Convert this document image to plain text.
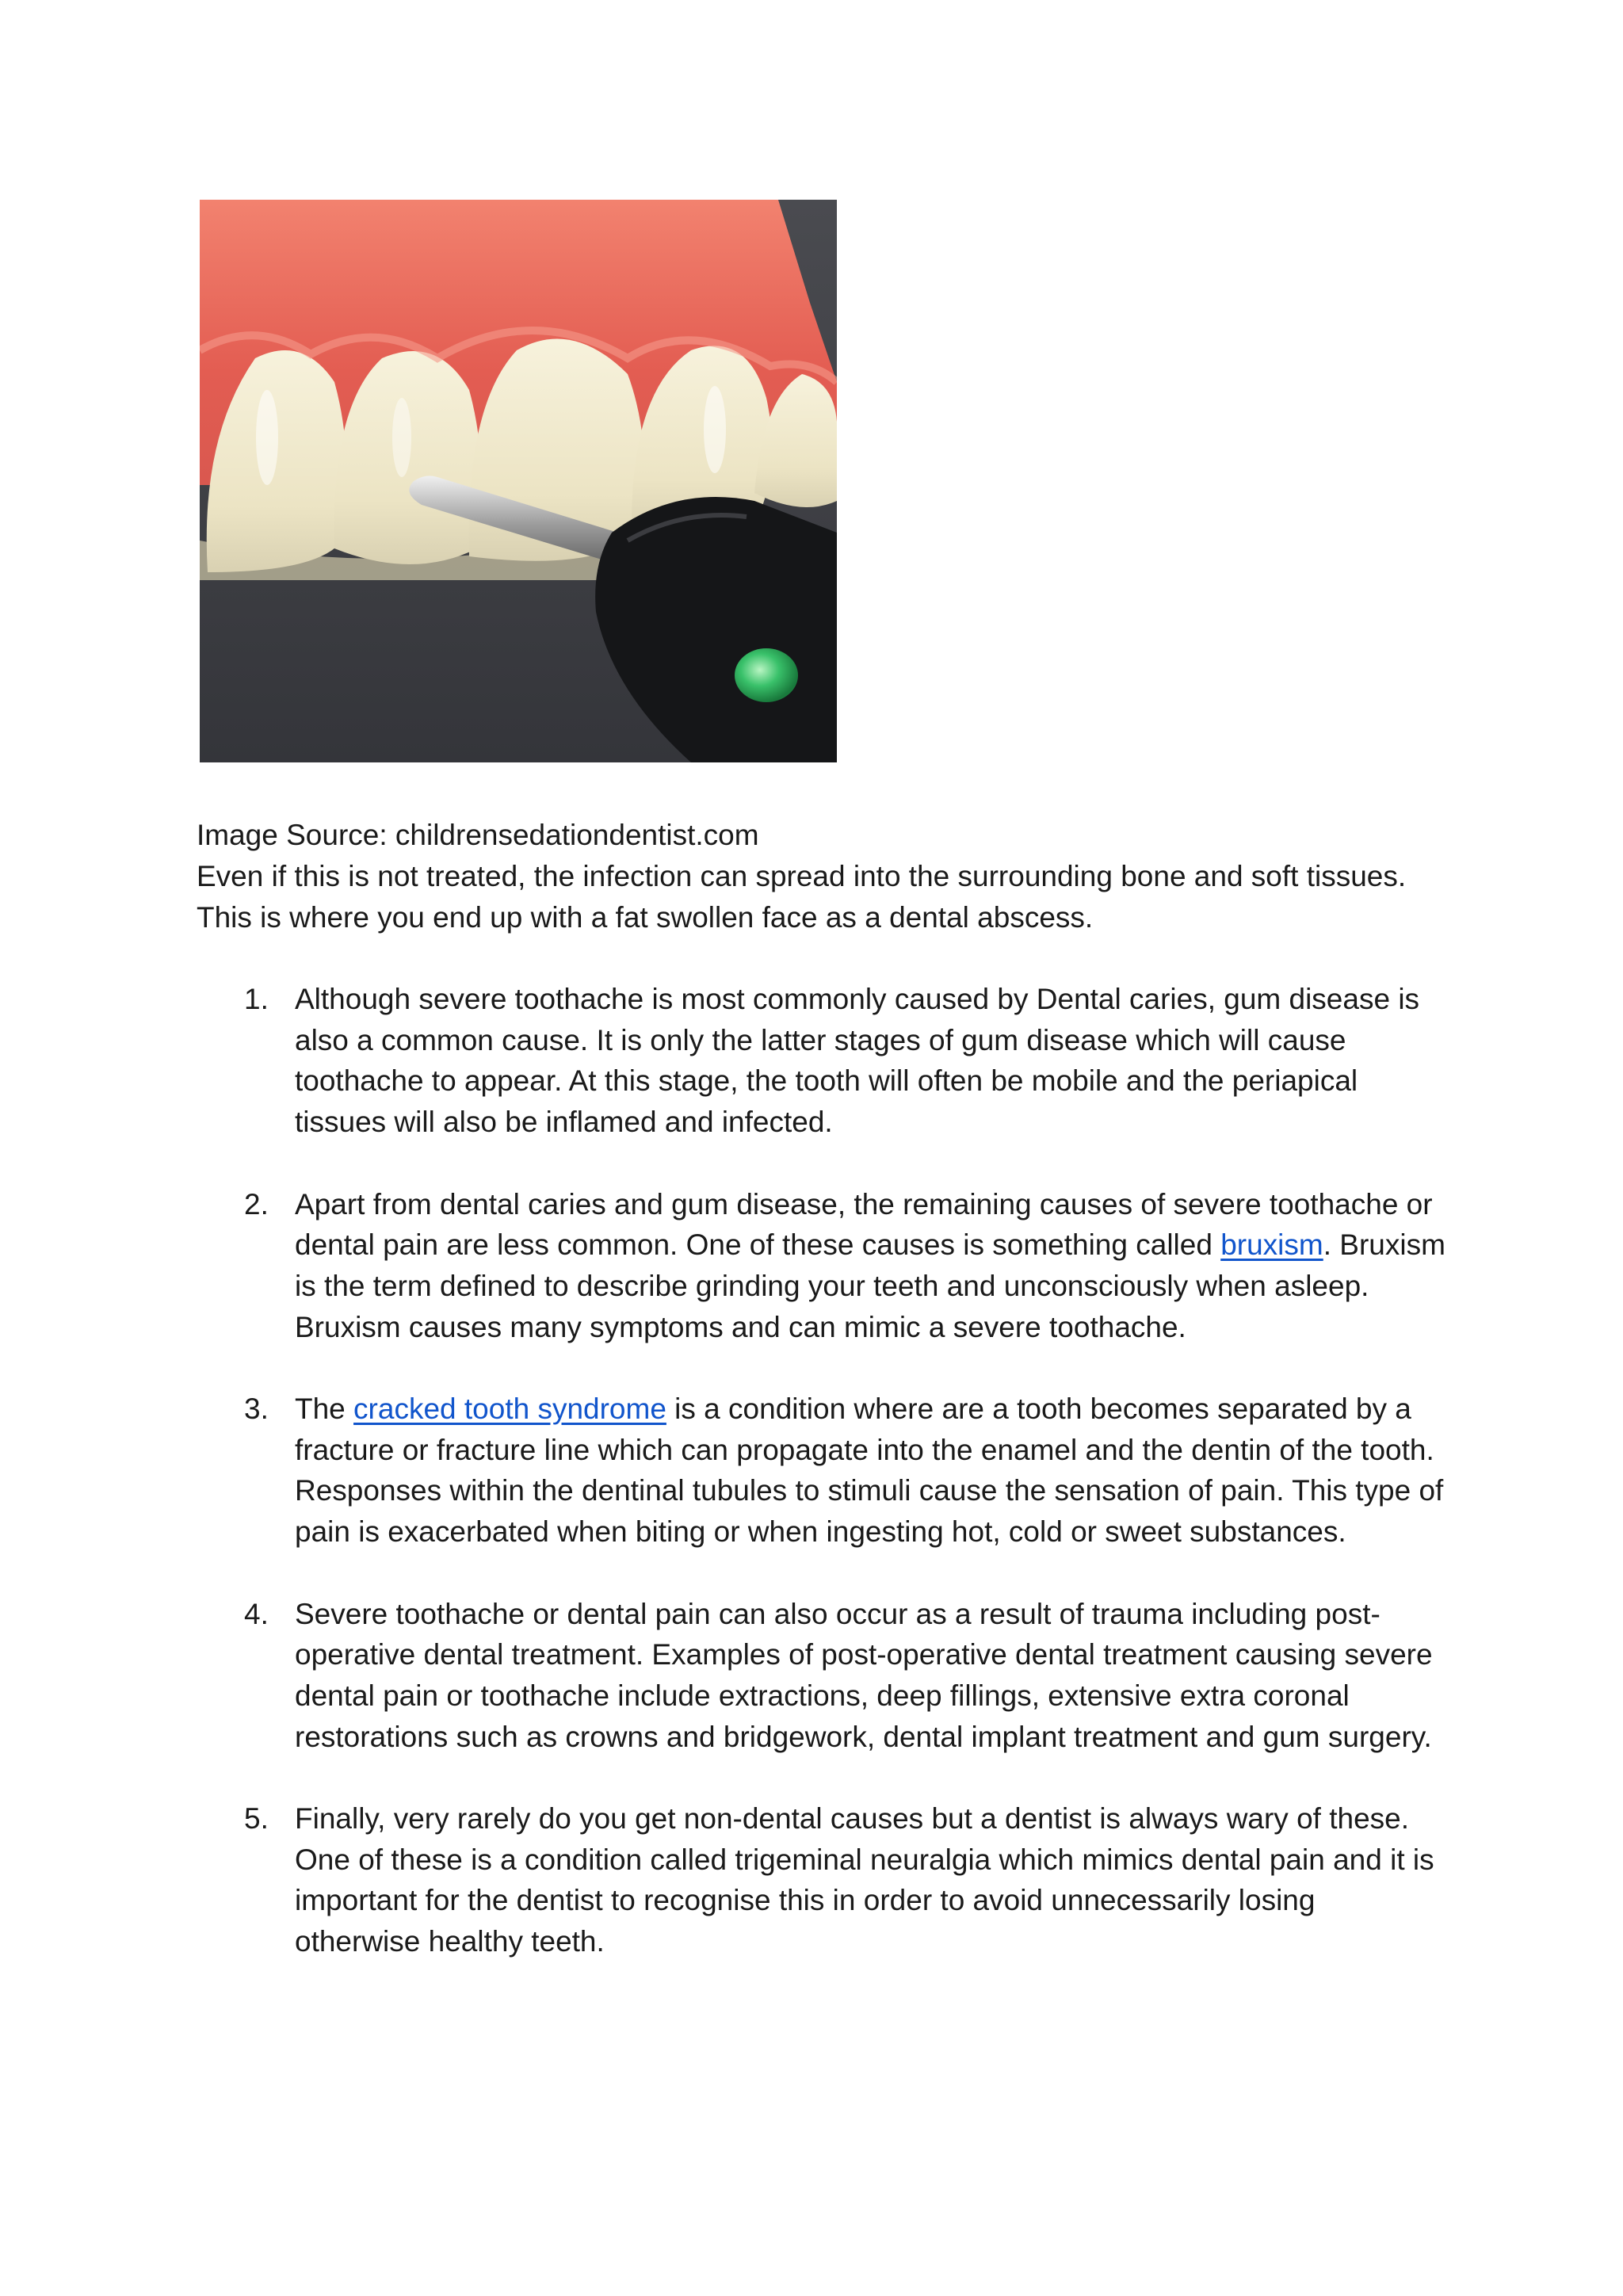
Image Source: childrensedationdentist.com

Even if this is not treated, the infection can spread into the surrounding bone and soft tissues. This is where you end up with a fat swollen face as a dental abscess.

1. Although severe toothache is most commonly caused by Dental caries, gum disease is also a common cause. It is only the latter stages of gum disease which will cause toothache to appear. At this stage, the tooth will often be mobile and the periapical tissues will also be inflamed and infected.
2. Apart from dental caries and gum disease, the remaining causes of severe toothache or dental pain are less common. One of these causes is something called bruxism. Bruxism is the term defined to describe grinding your teeth and unconsciously when asleep. Bruxism causes many symptoms and can mimic a severe toothache.
3. The cracked tooth syndrome is a condition where are a tooth becomes separated by a fracture or fracture line which can propagate into the enamel and the dentin of the tooth. Responses within the dentinal tubules to stimuli cause the sensation of pain. This type of pain is exacerbated when biting or when ingesting hot, cold or sweet substances.
4. Severe toothache or dental pain can also occur as a result of trauma including post-operative dental treatment. Examples of post-operative dental treatment causing severe dental pain or toothache include extractions, deep fillings, extensive extra coronal restorations such as crowns and bridgework, dental implant treatment and gum surgery.
5. Finally, very rarely do you get non-dental causes but a dentist is always wary of these. One of these is a condition called trigeminal neuralgia which mimics dental pain and it is important for the dentist to recognise this in order to avoid unnecessarily losing otherwise healthy teeth.
